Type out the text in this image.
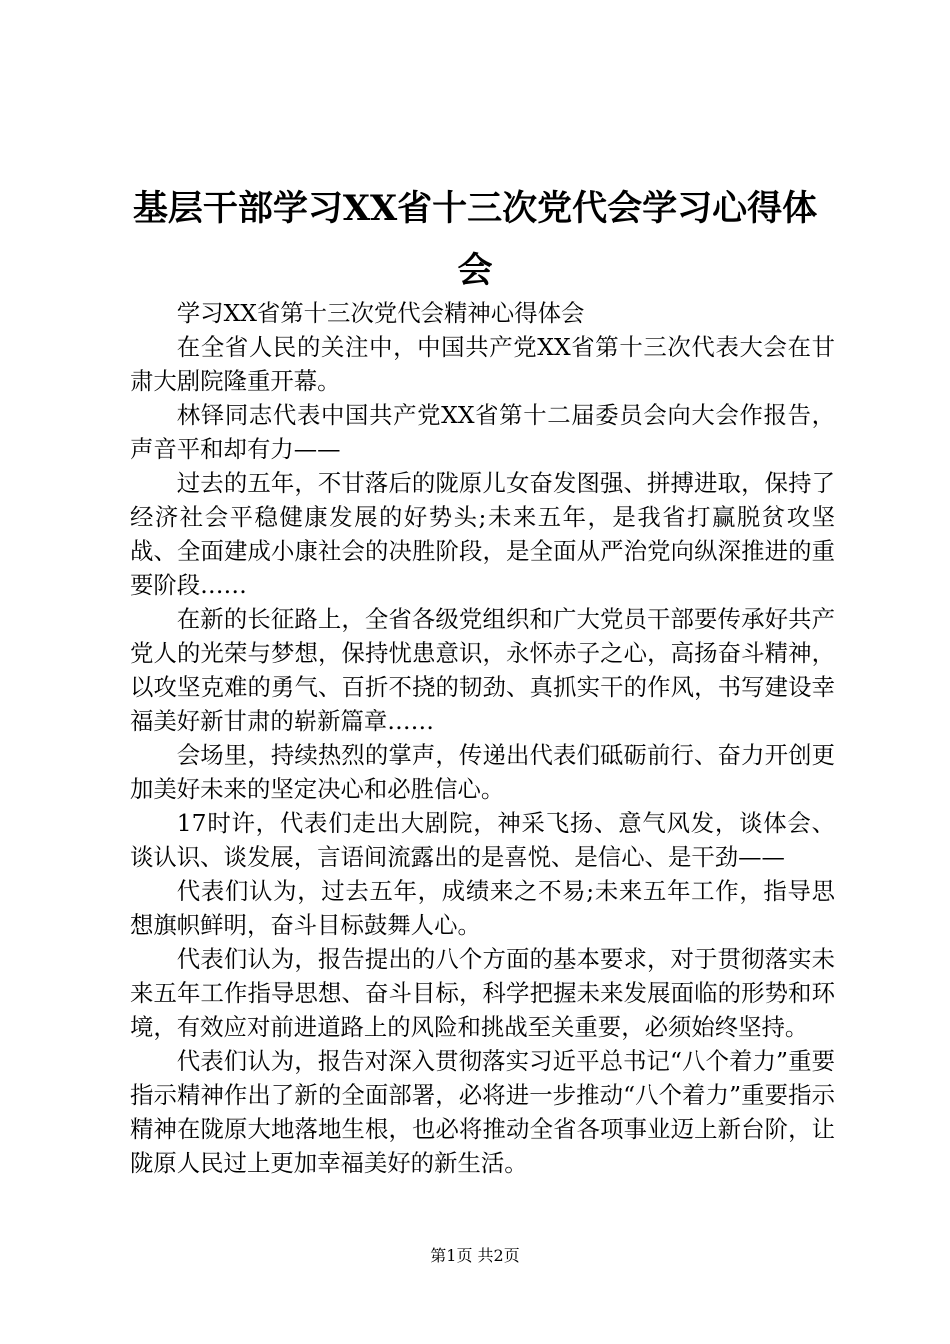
基层干部学习XX省十三次党代会学习心得体会

学习XX省第十三次党代会精神心得体会

在全省人民的关注中，中国共产党XX省第十三次代表大会在甘肃大剧院隆重开幕。

林铎同志代表中国共产党XX省第十二届委员会向大会作报告，声音平和却有力——

过去的五年，不甘落后的陇原儿女奋发图强、拼搏进取，保持了经济社会平稳健康发展的好势头;未来五年，是我省打赢脱贫攻坚战、全面建成小康社会的决胜阶段，是全面从严治党向纵深推进的重要阶段……

在新的长征路上，全省各级党组织和广大党员干部要传承好共产党人的光荣与梦想，保持忧患意识，永怀赤子之心，高扬奋斗精神，以攻坚克难的勇气、百折不挠的韧劲、真抓实干的作风，书写建设幸福美好新甘肃的崭新篇章……

会场里，持续热烈的掌声，传递出代表们砥砺前行、奋力开创更加美好未来的坚定决心和必胜信心。

17时许，代表们走出大剧院，神采飞扬、意气风发，谈体会、谈认识、谈发展，言语间流露出的是喜悦、是信心、是干劲——

代表们认为，过去五年，成绩来之不易;未来五年工作，指导思想旗帜鲜明，奋斗目标鼓舞人心。

代表们认为，报告提出的八个方面的基本要求，对于贯彻落实未来五年工作指导思想、奋斗目标，科学把握未来发展面临的形势和环境，有效应对前进道路上的风险和挑战至关重要，必须始终坚持。

代表们认为，报告对深入贯彻落实习近平总书记“八个着力”重要指示精神作出了新的全面部署，必将进一步推动“八个着力”重要指示精神在陇原大地落地生根，也必将推动全省各项事业迈上新台阶，让陇原人民过上更加幸福美好的新生活。

第1页 共2页
